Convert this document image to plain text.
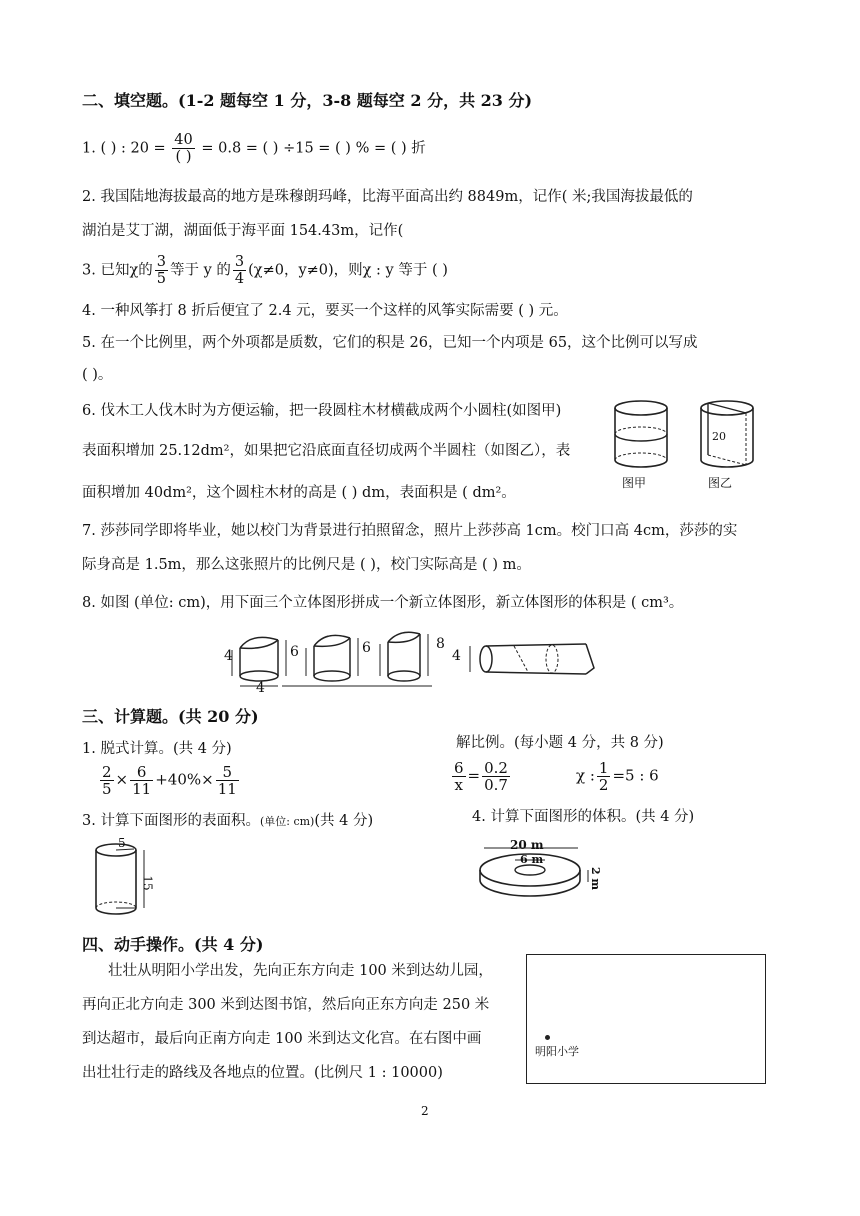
二、填空题。(1-2 题每空 1 分，3-8 题每空 2 分，共 23 分)
1. ( ) : $20 = \frac{40}{( )} = 0.8$ = ( ) ÷15 = ( ) % = ( ) 折
2. 我国陆地海拔最高的地方是珠穆朗玛峰，比海平面高出约 8849m，记作( 米;我国海拔最低的
湖泊是艾丁湖，湖面低于海平面 154.43m，记作(
3. 已知χ的 $\frac{3}{5}$ 等于 y 的 $\frac{3}{4} (\chi\ne 0$，y≠0)，则χ : y 等于 ( )
4. 一种风筝打 8 折后便宜了 2.4 元，要买一个这样的风筝实际需要 ( ) 元。
5. 在一个比例里，两个外项都是质数，它们的积是 26，已知一个内项是 65，这个比例可以写成
( )。
6. 伐木工人伐木时为方便运输，把一段圆柱木材横截成两个小圆柱(如图甲)
表面积增加 25.12dm²，如果把它沿底面直径切成两个半圆柱（如图乙），表
面积增加 40dm²，这个圆柱木材的高是 ( ) dm，表面积是 ( dm²。
图甲
20
图乙
7. 莎莎同学即将毕业，她以校门为背景进行拍照留念，照片上莎莎高 1cm。校门口高 4cm，莎莎的实
际身高是 1.5m，那么这张照片的比例尺是 ( )，校门实际高是 ( ) m。
8. 如图 (单位: cm)，用下面三个立体图形拼成一个新立体图形，新立体图形的体积是 ( cm³。
4	6	6	8
4
4
三、计算题。(共 20 分)
1. 脱式计算。(共 4 分)
$\frac{2}{5} \times \frac{6}{11} +40\%\times \frac{5}{11}$
解比例。(每小题 4 分，共 8 分)
$\frac{6}{x} = \frac{0.2}{0.7}$	χ : $\frac{1}{2} =5$ : 6
3. 计算下面图形的表面积。(单位: cm)(共 4 分)	4. 计算下面图形的体积。(共 4 分)
5
15
20 m
6 m
2 m
四、动手操作。(共 4 分)
壮壮从明阳小学出发，先向正东方向走 100 米到达幼儿园，
再向正北方向走 300 米到达图书馆，然后向正东方向走 250 米
到达超市，最后向正南方向走 100 米到达文化宫。在右图中画
出壮壮行走的路线及各地点的位置。(比例尺 1 : 10000)
明阳小学
2
